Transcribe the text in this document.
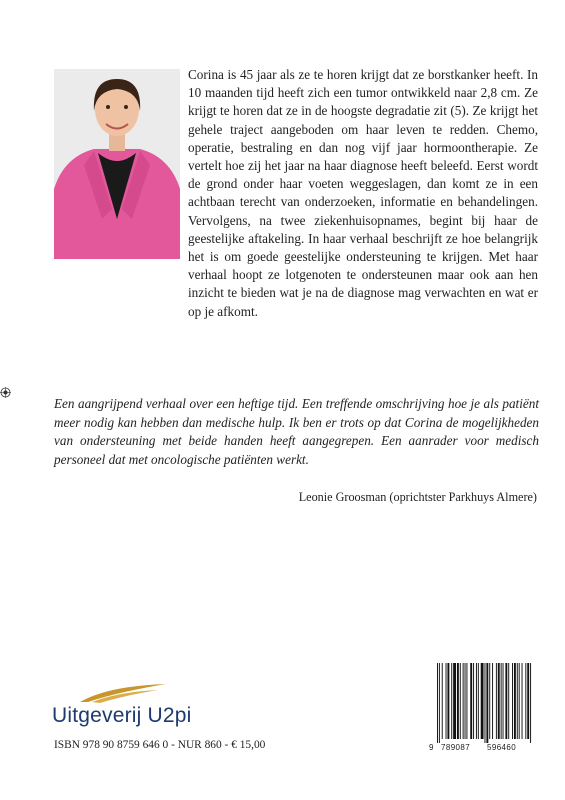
Corina is 45 jaar als ze te horen krijgt dat ze borstkanker heeft. In 10 maanden tijd heeft zich een tumor ontwikkeld naar 2,8 cm. Ze krijgt te horen dat ze in de hoogste degradatie zit (5). Ze krijgt het gehele traject aangeboden om haar leven te redden. Chemo, operatie, bestraling en dan nog vijf jaar hormoontherapie. Ze vertelt hoe zij het jaar na haar diagnose heeft beleefd. Eerst wordt de grond onder haar voeten weggeslagen, dan komt ze in een achtbaan terecht van onderzoeken, informatie en behandelingen. Vervolgens, na twee ziekenhuisopnames, begint bij haar de geestelijke aftakeling. In haar verhaal beschrijft ze hoe belangrijk het is om goede geestelijke ondersteuning te krijgen. Met haar verhaal hoopt ze lotgenoten te ondersteunen maar ook aan hen inzicht te bieden wat je na de diagnose mag verwachten en wat er op je afkomt.

Een aangrijpend verhaal over een heftige tijd. Een treffende omschrijving hoe je als patiënt meer nodig kan hebben dan medische hulp. Ik ben er trots op dat Corina de mogelijkheden van ondersteuning met beide handen heeft aangegrepen. Een aanrader voor medisch personeel dat met oncologische patiënten werkt.

Leonie Groosman (oprichtster Parkhuys Almere)

Uitgeverij U2pi

ISBN 978 90 8759 646 0 - NUR 860 - € 15,00	9 789087 596460
